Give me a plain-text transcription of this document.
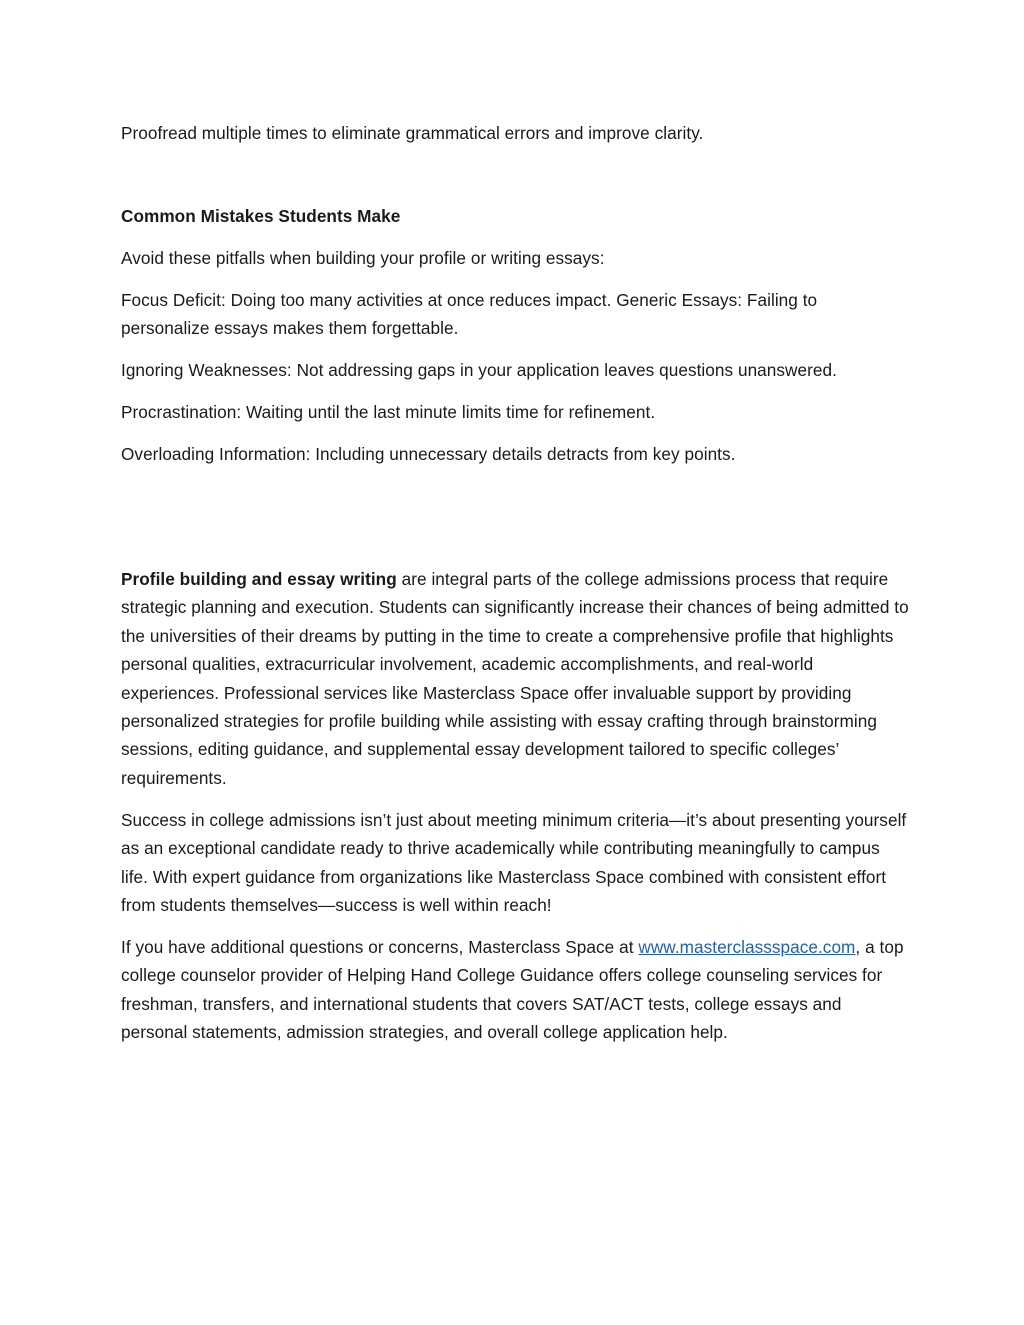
Proofread multiple times to eliminate grammatical errors and improve clarity.

Common Mistakes Students Make

Avoid these pitfalls when building your profile or writing essays:

Focus Deficit: Doing too many activities at once reduces impact. Generic Essays: Failing to personalize essays makes them forgettable.

Ignoring Weaknesses: Not addressing gaps in your application leaves questions unanswered.

Procrastination: Waiting until the last minute limits time for refinement.

Overloading Information: Including unnecessary details detracts from key points.

Profile building and essay writing are integral parts of the college admissions process that require strategic planning and execution. Students can significantly increase their chances of being admitted to the universities of their dreams by putting in the time to create a comprehensive profile that highlights personal qualities, extracurricular involvement, academic accomplishments, and real-world experiences. Professional services like Masterclass Space offer invaluable support by providing personalized strategies for profile building while assisting with essay crafting through brainstorming sessions, editing guidance, and supplemental essay development tailored to specific colleges’ requirements.

Success in college admissions isn’t just about meeting minimum criteria—it’s about presenting yourself as an exceptional candidate ready to thrive academically while contributing meaningfully to campus life. With expert guidance from organizations like Masterclass Space combined with consistent effort from students themselves—success is well within reach!

If you have additional questions or concerns, Masterclass Space at www.masterclassspace.com, a top college counselor provider of Helping Hand College Guidance offers college counseling services for freshman, transfers, and international students that covers SAT/ACT tests, college essays and personal statements, admission strategies, and overall college application help.
